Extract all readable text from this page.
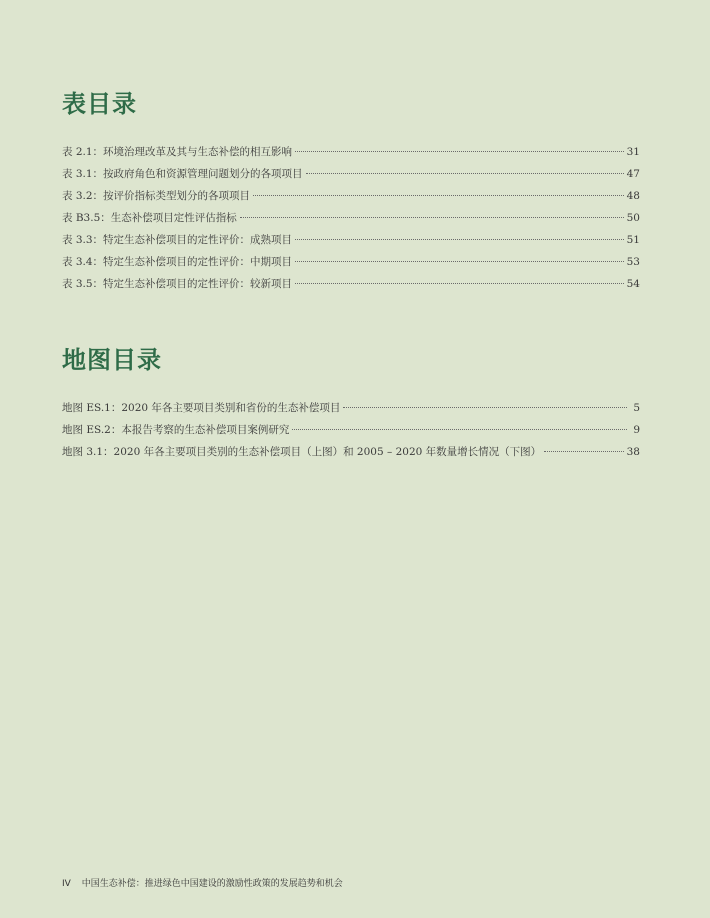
表目录
表 2.1：环境治理改革及其与生态补偿的相互影响	31
表 3.1：按政府角色和资源管理问题划分的各项项目	47
表 3.2：按评价指标类型划分的各项项目	48
表 B3.5：生态补偿项目定性评估指标	50
表 3.3：特定生态补偿项目的定性评价：成熟项目	51
表 3.4：特定生态补偿项目的定性评价：中期项目	53
表 3.5：特定生态补偿项目的定性评价：较新项目	54
地图目录
地图 ES.1：2020 年各主要项目类别和省份的生态补偿项目	5
地图 ES.2：本报告考察的生态补偿项目案例研究	9
地图 3.1：2020 年各主要项目类别的生态补偿项目（上图）和 2005 – 2020 年数量增长情况（下图）	38
IV 中国生态补偿：推进绿色中国建设的激励性政策的发展趋势和机会
